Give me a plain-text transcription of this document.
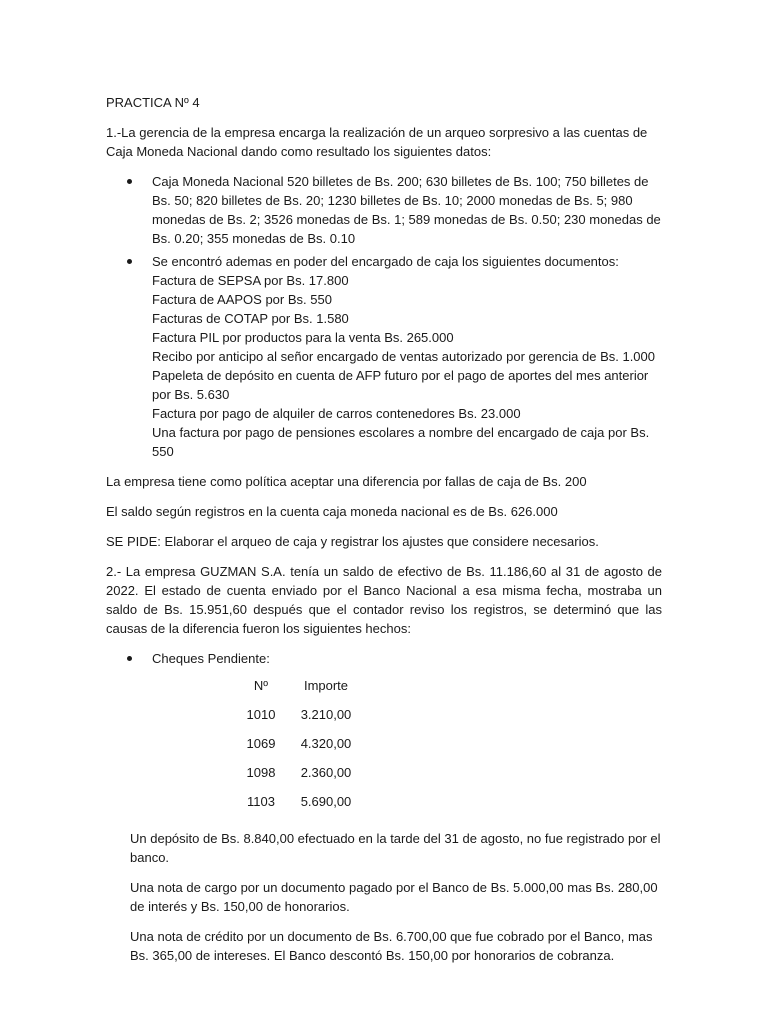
PRACTICA Nº 4

1.-La gerencia de la empresa encarga la realización de un arqueo sorpresivo a las cuentas de Caja Moneda Nacional dando como resultado los siguientes datos:

Caja Moneda Nacional 520 billetes de Bs. 200; 630 billetes de Bs. 100; 750 billetes de Bs. 50; 820 billetes de Bs. 20; 1230 billetes de Bs. 10; 2000 monedas de Bs. 5; 980 monedas de Bs. 2; 3526 monedas de Bs. 1; 589 monedas de Bs. 0.50; 230 monedas de Bs. 0.20; 355 monedas de Bs. 0.10
Se encontró ademas en poder del encargado de caja los siguientes documentos:
Factura de SEPSA por Bs. 17.800
Factura de AAPOS por Bs. 550
Facturas de COTAP por Bs. 1.580
Factura PIL por productos para la venta Bs. 265.000
Recibo por anticipo al señor encargado de ventas autorizado por gerencia de Bs. 1.000
Papeleta de depósito en cuenta de AFP futuro por el pago de aportes del mes anterior por Bs. 5.630
Factura por pago de alquiler de carros contenedores Bs. 23.000
Una factura por pago de pensiones escolares a nombre del encargado de caja por Bs. 550

La empresa tiene como política aceptar una diferencia por fallas de caja de Bs. 200

El saldo según registros en la cuenta caja moneda nacional es de Bs. 626.000

SE PIDE: Elaborar el arqueo de caja y registrar los ajustes que considere necesarios.

2.- La empresa GUZMAN S.A. tenía un saldo de efectivo de Bs. 11.186,60 al 31 de agosto de 2022. El estado de cuenta enviado por el Banco Nacional a esa misma fecha, mostraba un saldo de Bs. 15.951,60 después que el contador reviso los registros, se determinó que las causas de la diferencia fueron los siguientes hechos:

Cheques Pendiente:
Nº	Importe
1010	3.210,00
1069	4.320,00
1098	2.360,00
1103	5.690,00

Un depósito de Bs. 8.840,00 efectuado en la tarde del 31 de agosto, no fue registrado por el banco.

Una nota de cargo por un documento pagado por el Banco de Bs. 5.000,00 mas Bs. 280,00 de interés y Bs. 150,00 de honorarios.

Una nota de crédito por un documento de Bs. 6.700,00 que fue cobrado por el Banco, mas Bs. 365,00 de intereses. El Banco descontó Bs. 150,00 por honorarios de cobranza.
